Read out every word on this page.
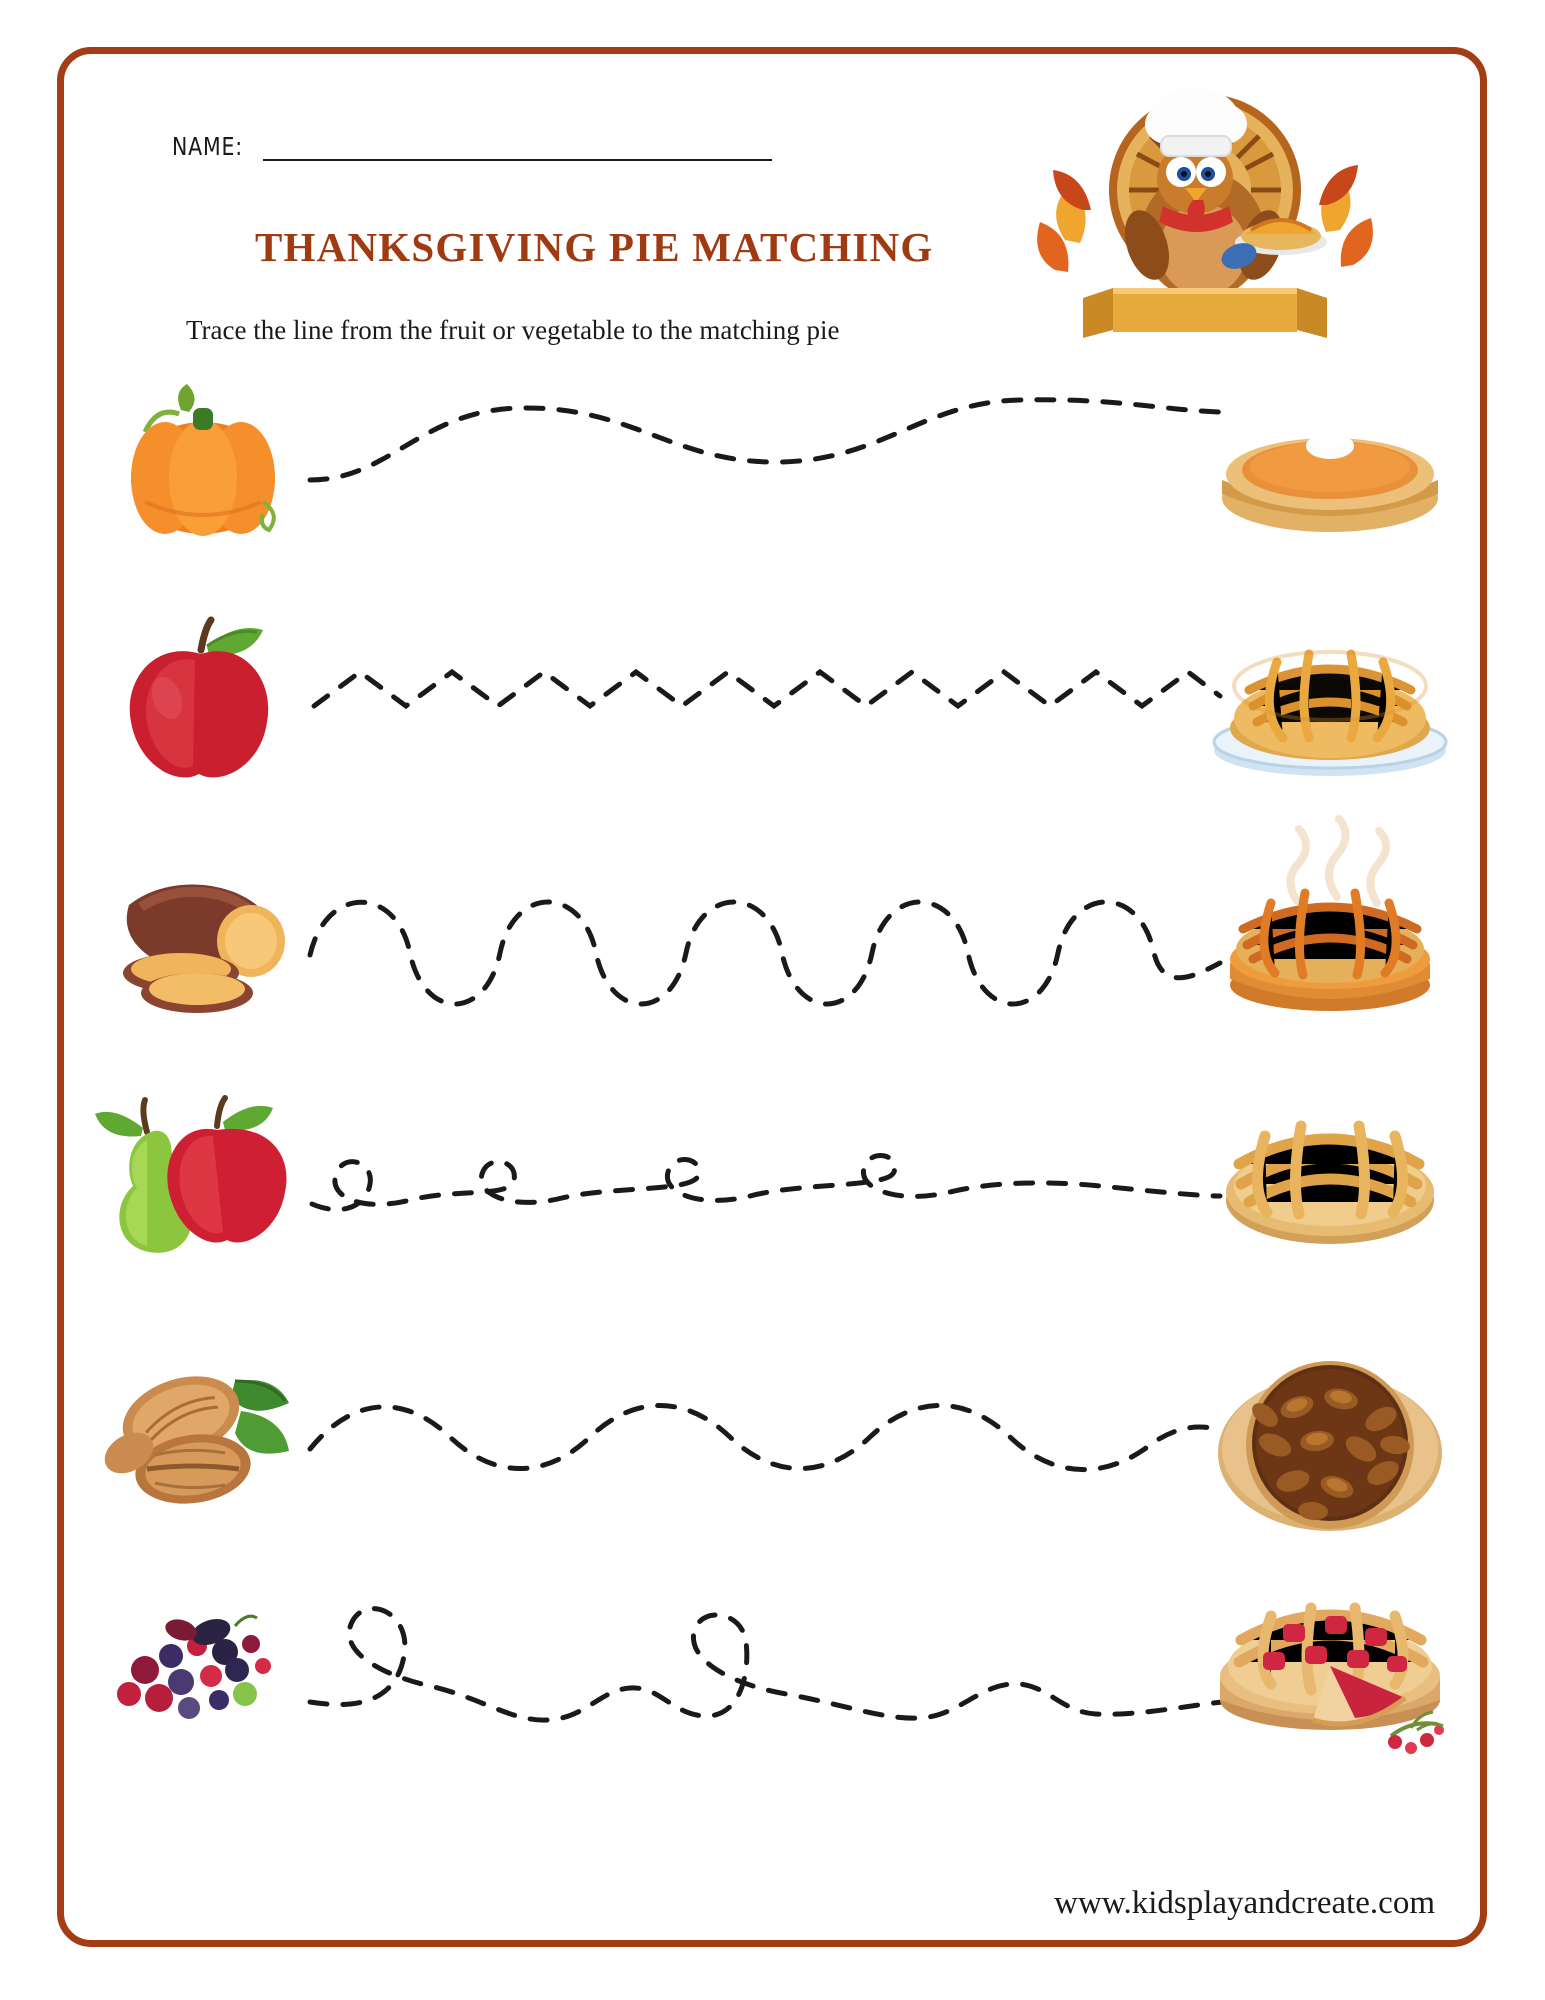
NAME:
THANKSGIVING PIE MATCHING
Trace the line from the fruit or vegetable to the matching pie
www.kidsplayandcreate.com
